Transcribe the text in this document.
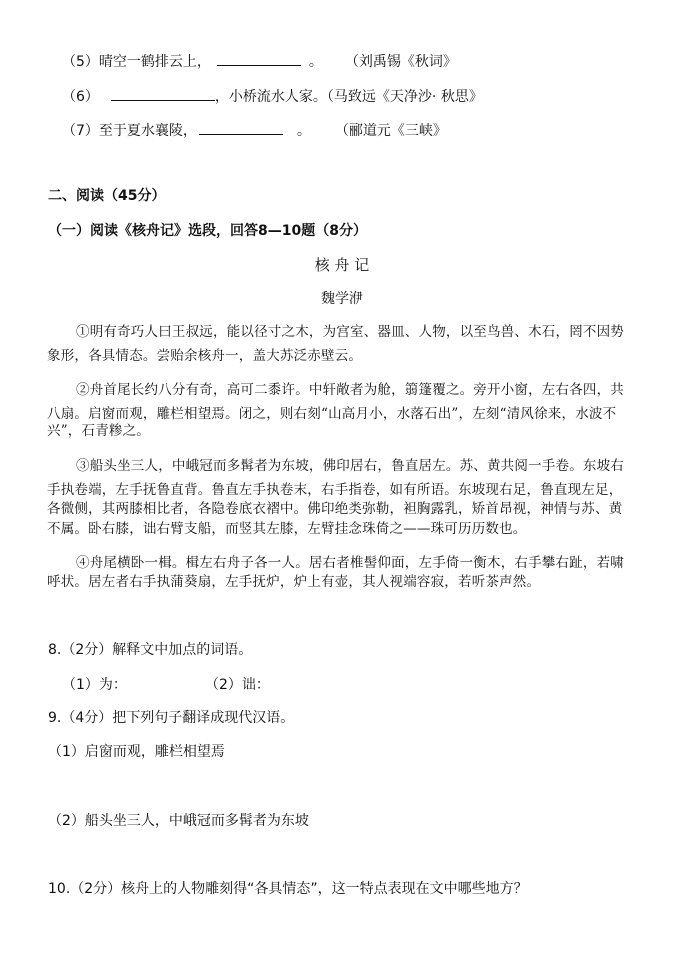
（5）晴空一鹤排云上，	。 （刘禹锡《秋词》
（6）	，小桥流水人家。（马致远《天净沙· 秋思》
（7）至于夏水襄陵，	。 （郦道元《三峡》
二、阅读（45分）
（一）阅读《核舟记》选段，回答8—10题（8分）
核 舟 记
魏学洢
①明有奇巧人曰王叔远，能以径寸之木，为宫室、器皿、人物，以至鸟兽、木石，罔不因势
象形，各具情态。尝贻余核舟一，盖大苏泛赤壁云。
②舟首尾长约八分有奇，高可二黍许。中轩敞者为舱，篛篷覆之。旁开小窗，左右各四，共
八扇。启窗而观，雕栏相望焉。闭之，则右刻“山高月小，水落石出”，左刻“清风徐来，水波不
兴”，石青糁之。
③船头坐三人，中峨冠而多髯者为东坡，佛印居右，鲁直居左。苏、黄共阅一手卷。东坡右
手执卷端，左手抚鲁直背。鲁直左手执卷末，右手指卷，如有所语。东坡现右足，鲁直现左足，
各微侧，其两膝相比者，各隐卷底衣褶中。佛印绝类弥勒，袒胸露乳，矫首昂视，神情与苏、黄
不属。卧右膝，诎右臂支船，而竖其左膝，左臂挂念珠倚之——珠可历历数也。
④舟尾横卧一楫。楫左右舟子各一人。居右者椎髻仰面，左手倚一衡木，右手攀右趾，若啸
呼状。居左者右手执蒲葵扇，左手抚炉，炉上有壶，其人视端容寂，若听茶声然。
8.（2分）解释文中加点的词语。
（1）为：	（2）诎：
9.（4分）把下列句子翻译成现代汉语。
（1）启窗而观，雕栏相望焉
（2）船头坐三人，中峨冠而多髯者为东坡
10.（2分）核舟上的人物雕刻得“各具情态”，这一特点表现在文中哪些地方？
